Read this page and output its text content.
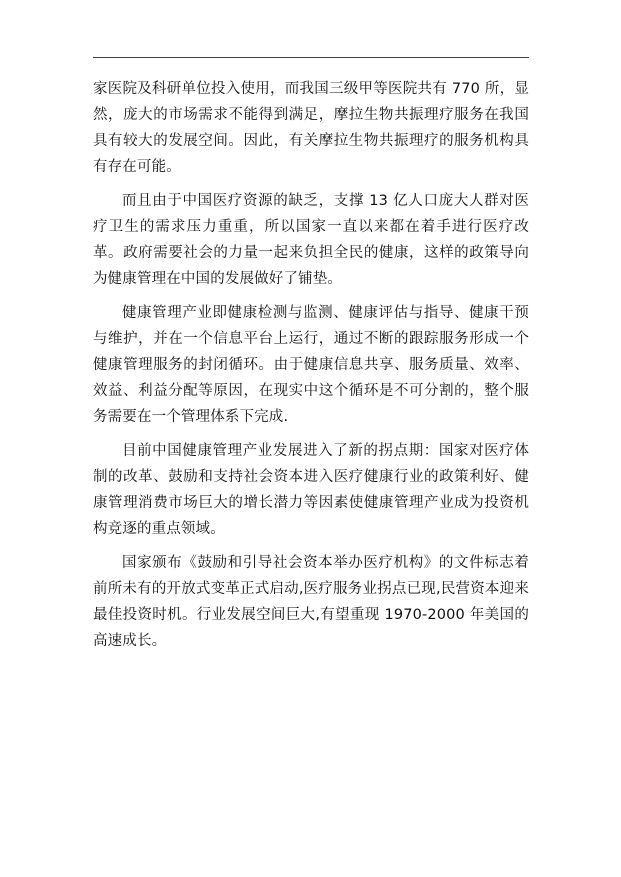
家医院及科研单位投入使用，而我国三级甲等医院共有 770 所，显然，庞大的市场需求不能得到满足，摩拉生物共振理疗服务在我国具有较大的发展空间。因此，有关摩拉生物共振理疗的服务机构具有存在可能。

而且由于中国医疗资源的缺乏，支撑 13 亿人口庞大人群对医疗卫生的需求压力重重，所以国家一直以来都在着手进行医疗改革。政府需要社会的力量一起来负担全民的健康，这样的政策导向为健康管理在中国的发展做好了铺垫。

健康管理产业即健康检测与监测、健康评估与指导、健康干预与维护，并在一个信息平台上运行，通过不断的跟踪服务形成一个健康管理服务的封闭循环。由于健康信息共享、服务质量、效率、效益、利益分配等原因，在现实中这个循环是不可分割的，整个服务需要在一个管理体系下完成.

目前中国健康管理产业发展进入了新的拐点期：国家对医疗体制的改革、鼓励和支持社会资本进入医疗健康行业的政策利好、健康管理消费市场巨大的增长潜力等因素使健康管理产业成为投资机构竞逐的重点领域。

国家颁布《鼓励和引导社会资本举办医疗机构》的文件标志着前所未有的开放式变革正式启动,医疗服务业拐点已现,民营资本迎来最佳投资时机。行业发展空间巨大,有望重现 1970-2000 年美国的高速成长。
